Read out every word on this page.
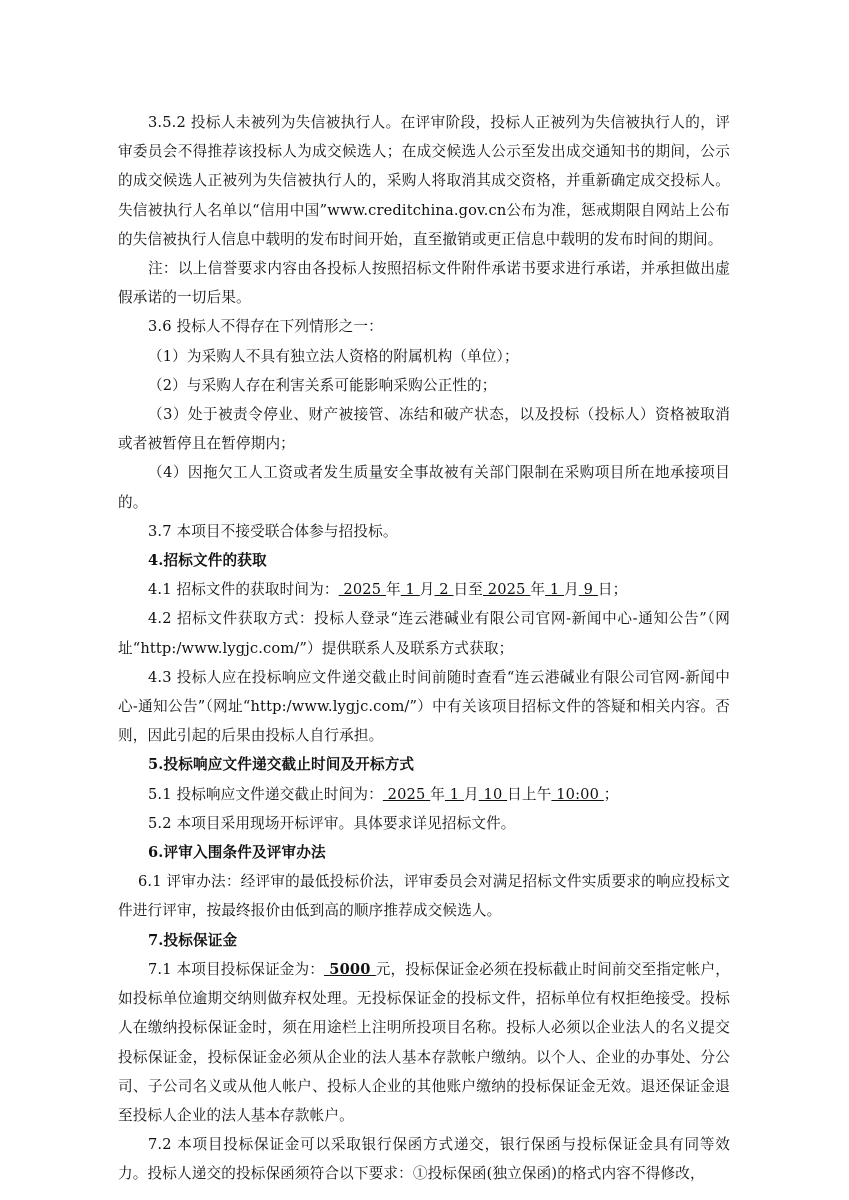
3.5.2 投标人未被列为失信被执行人。在评审阶段，投标人正被列为失信被执行人的，评审委员会不得推荐该投标人为成交候选人；在成交候选人公示至发出成交通知书的期间，公示的成交候选人正被列为失信被执行人的，采购人将取消其成交资格，并重新确定成交投标人。失信被执行人名单以“信用中国”www.creditchina.gov.cn公布为准，惩戒期限自网站上公布的失信被执行人信息中载明的发布时间开始，直至撤销或更正信息中载明的发布时间的期间。

注：以上信誉要求内容由各投标人按照招标文件附件承诺书要求进行承诺，并承担做出虚假承诺的一切后果。

3.6 投标人不得存在下列情形之一：

（1）为采购人不具有独立法人资格的附属机构（单位）；

（2）与采购人存在利害关系可能影响采购公正性的；

（3）处于被责令停业、财产被接管、冻结和破产状态，以及投标（投标人）资格被取消或者被暂停且在暂停期内；

（4）因拖欠工人工资或者发生质量安全事故被有关部门限制在采购项目所在地承接项目的。

3.7 本项目不接受联合体参与招投标。

4.招标文件的获取

4.1 招标文件的获取时间为： 2025 年 1 月 2 日至 2025 年 1 月 9 日；

4.2 招标文件获取方式：投标人登录“连云港碱业有限公司官网-新闻中心-通知公告”（网址“http:/www.lygjc.com/”）提供联系人及联系方式获取；

4.3 投标人应在投标响应文件递交截止时间前随时查看“连云港碱业有限公司官网-新闻中心-通知公告”（网址“http:/www.lygjc.com/”）中有关该项目招标文件的答疑和相关内容。否则，因此引起的后果由投标人自行承担。

5.投标响应文件递交截止时间及开标方式

5.1 投标响应文件递交截止时间为： 2025 年 1 月 10 日上午 10:00 ；

5.2 本项目采用现场开标评审。具体要求详见招标文件。

6.评审入围条件及评审办法

6.1 评审办法：经评审的最低投标价法，评审委员会对满足招标文件实质要求的响应投标文件进行评审，按最终报价由低到高的顺序推荐成交候选人。

7.投标保证金

7.1 本项目投标保证金为： 5000 元，投标保证金必须在投标截止时间前交至指定帐户，如投标单位逾期交纳则做弃权处理。无投标保证金的投标文件，招标单位有权拒绝接受。投标人在缴纳投标保证金时，须在用途栏上注明所投项目名称。投标人必须以企业法人的名义提交投标保证金，投标保证金必须从企业的法人基本存款帐户缴纳。以个人、企业的办事处、分公司、子公司名义或从他人帐户、投标人企业的其他账户缴纳的投标保证金无效。退还保证金退至投标人企业的法人基本存款帐户。

7.2 本项目投标保证金可以采取银行保函方式递交，银行保函与投标保证金具有同等效力。投标人递交的投标保函须符合以下要求：①投标保函(独立保函)的格式内容不得修改，
